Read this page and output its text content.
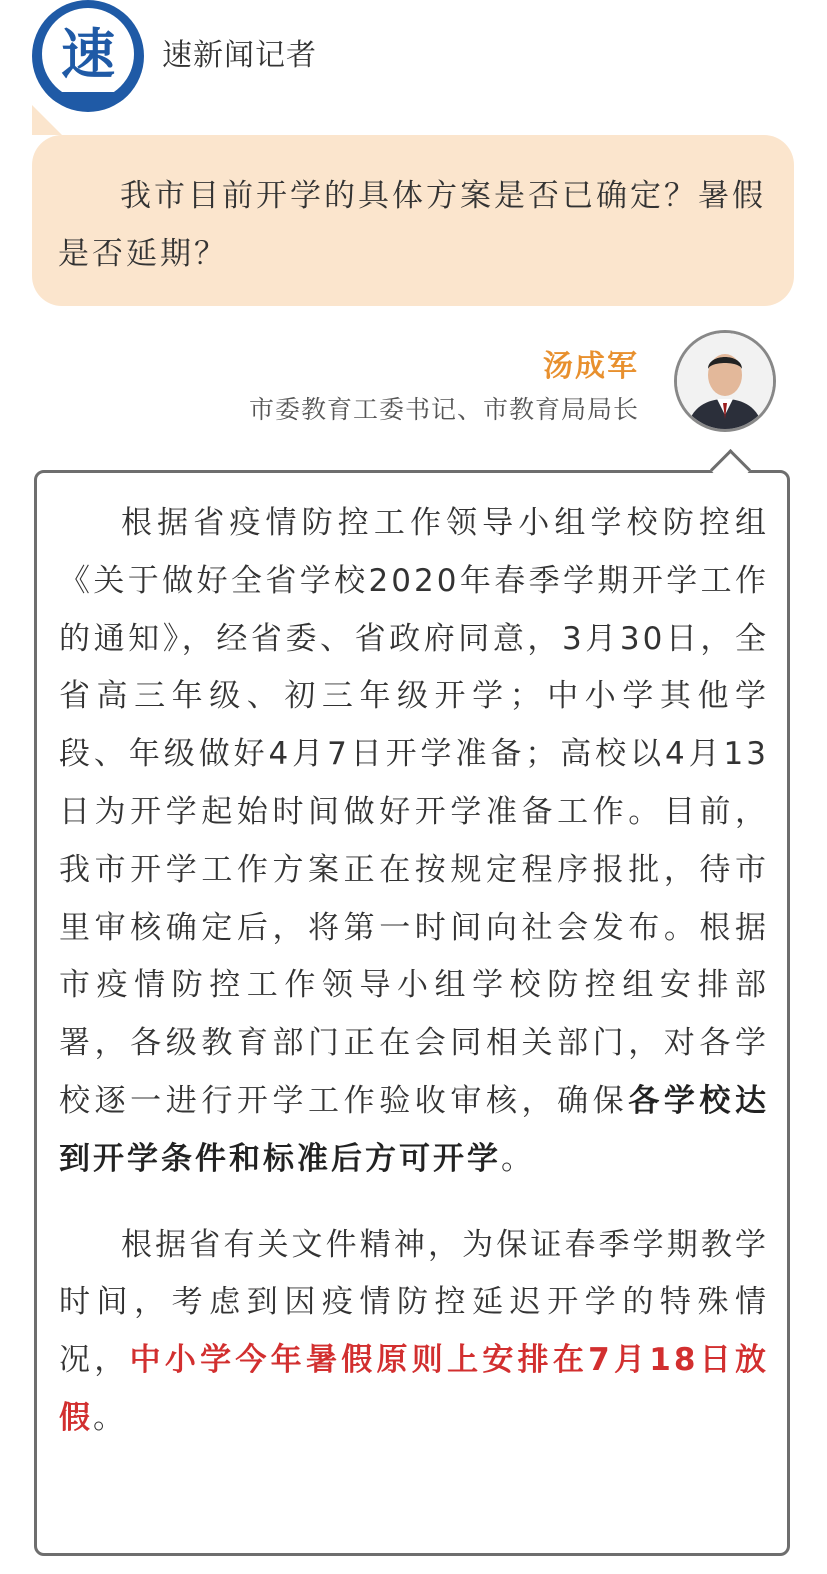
速 速新闻记者
我市目前开学的具体方案是否已确定？暑假是否延期？
汤成军
市委教育工委书记、市教育局局长

根据省疫情防控工作领导小组学校防控组《关于做好全省学校2020年春季学期开学工作的通知》，经省委、省政府同意，3月30日，全省高三年级、初三年级开学；中小学其他学段、年级做好4月7日开学准备；高校以4月13日为开学起始时间做好开学准备工作。目前，我市开学工作方案正在按规定程序报批，待市里审核确定后，将第一时间向社会发布。根据市疫情防控工作领导小组学校防控组安排部署，各级教育部门正在会同相关部门，对各学校逐一进行开学工作验收审核，确保各学校达到开学条件和标准后方可开学。

根据省有关文件精神，为保证春季学期教学时间，考虑到因疫情防控延迟开学的特殊情况，中小学今年暑假原则上安排在7月18日放假。
